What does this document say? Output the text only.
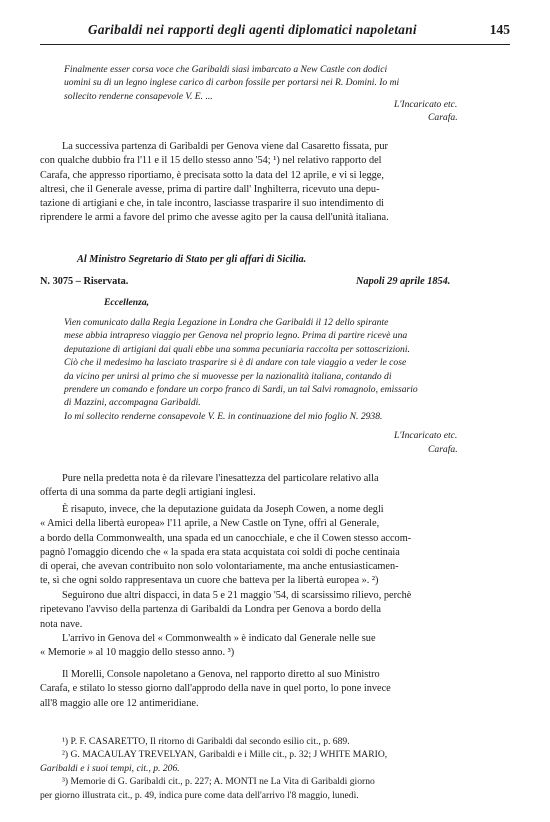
Garibaldi nei rapporti degli agenti diplomatici napoletani	145
Finalmente esser corsa voce che Garibaldi siasi imbarcato a New Castle con dodici
uomini su di un legno inglese carico di carbon fossile per portarsi nei R. Domini. Io mi
sollecito renderne consapevole V. E. ...
L'Incaricato etc.
Carafa.
La successiva partenza di Garibaldi per Genova viene dal Casaretto fissata, pur
con qualche dubbio fra l'11 e il 15 dello stesso anno '54; ¹) nel relativo rapporto del
Carafa, che appresso riportiamo, è precisata sotto la data del 12 aprile, e vi si legge,
altresì, che il Generale avesse, prima di partire dall' Inghilterra, ricevuto una depu-
tazione di artigiani e che, in tale incontro, lasciasse trasparire il suo intendimento di
riprendere le armi a favore del primo che avesse agito per la causa dell'unità italiana.
Al Ministro Segretario di Stato per gli affari di Sicilia.
N. 3075 – Riservata.	Napoli 29 aprile 1854.
Eccellenza,
Vien comunicato dalla Regia Legazione in Londra che Garibaldi il 12 dello spirante
mese abbia intrapreso viaggio per Genova nel proprio legno. Prima di partire ricevè una
deputazione di artigiani dai quali ebbe una somma pecuniaria raccolta per sottoscrizioni.
Ciò che il medesimo ha lasciato trasparire si è di andare con tale viaggio a veder le cose
da vicino per unirsi al primo che si muovesse per la nazionalità italiana, contando di
prendere un comando e fondare un corpo franco di Sardi, un tal Salvi romagnolo, emissario
di Mazzini, accompagna Garibaldi.
Io mi sollecito renderne consapevole V. E. in continuazione del mio foglio N. 2938.
L'Incaricato etc.
Carafa.
Pure nella predetta nota è da rilevare l'inesattezza del particolare relativo alla
offerta di una somma da parte degli artigiani inglesi.
È risaputo, invece, che la deputazione guidata da Joseph Cowen, a nome degli
« Amici della libertà europea» l'11 aprile, a New Castle on Tyne, offrì al Generale,
a bordo della Commonwealth, una spada ed un canocchiale, e che il Cowen stesso accom-
pagnò l'omaggio dicendo che « la spada era stata acquistata coi soldi di poche centinaia
di operai, che avevan contribuito non solo volontariamente, ma anche entusiasticamen-
te, sì che ogni soldo rappresentava un cuore che batteva per la libertà europea ». ²)
Seguirono due altri dispacci, in data 5 e 21 maggio '54, di scarsissimo rilievo, perchè
ripetevano l'avviso della partenza di Garibaldi da Londra per Genova a bordo della
nota nave.
L'arrivo in Genova del « Commonwealth » è indicato dal Generale nelle sue
« Memorie » al 10 maggio dello stesso anno. ³)
Il Morelli, Console napoletano a Genova, nel rapporto diretto al suo Ministro
Carafa, e stilato lo stesso giorno dall'approdo della nave in quel porto, lo pone invece
all'8 maggio alle ore 12 antimeridiane.
¹) P. F. CASARETTO, Il ritorno di Garibaldi dal secondo esilio cit., p. 689.
²) G. MACAULAY TREVELYAN, Garibaldi e i Mille cit., p. 32; J WHITE MARIO,
Garibaldi e i suoi tempi, cit., p. 206.
³) Memorie di G. Garibaldi cit., p. 227; A. MONTI ne La Vita di Garibaldi giorno
per giorno illustrata cit., p. 49, indica pure come data dell'arrivo l'8 maggio, lunedì.
